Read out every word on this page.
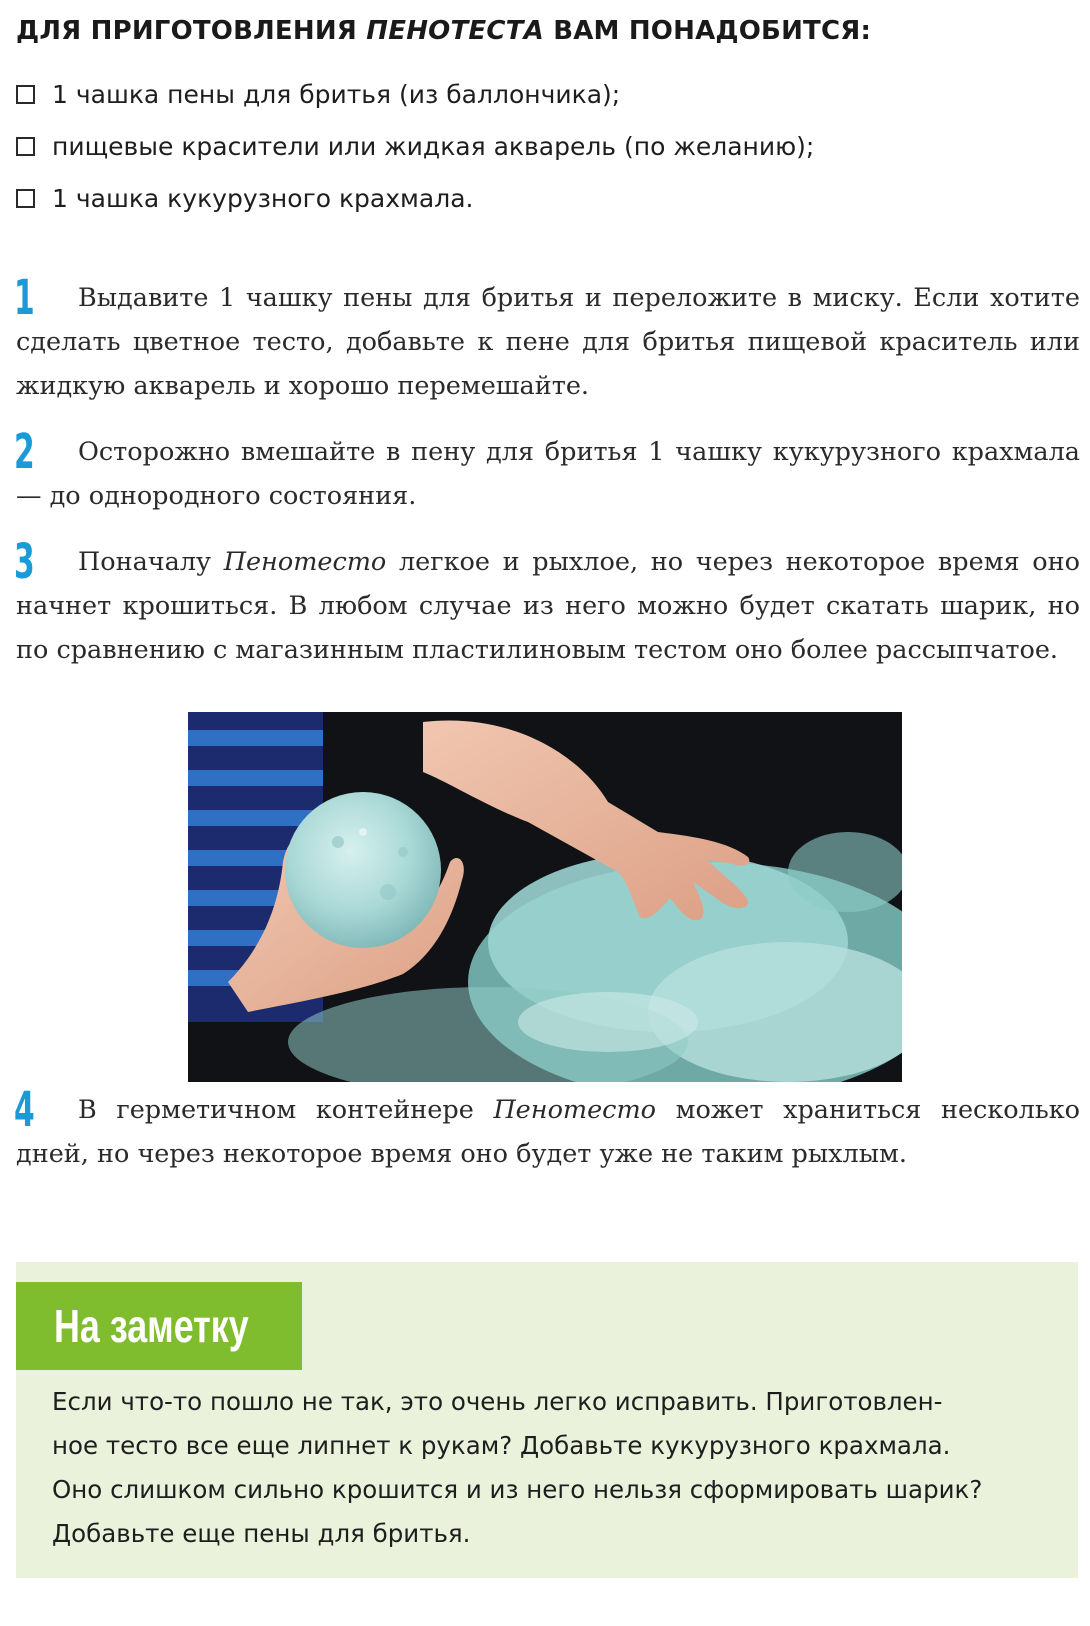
ДЛЯ ПРИГОТОВЛЕНИЯ ПЕНОТЕСТА ВАМ ПОНАДОБИТСЯ:
1 чашка пены для бритья (из баллончика);
пищевые красители или жидкая акварель (по желанию);
1 чашка кукурузного крахмала.
1	Выдавите 1 чашку пены для бритья и переложите в миску. Если хотите сделать цветное тесто, добавьте к пене для бритья пищевой краситель или жидкую акварель и хорошо перемешайте.

2	Осторожно вмешайте в пену для бритья 1 чашку кукурузного крахмала — до однородного состояния.

3	Поначалу Пенотесто легкое и рыхлое, но через некоторое время оно начнет крошиться. В любом случае из него можно будет скатать шарик, но по сравнению с магазинным пластилиновым тестом оно более рассыпчатое.

4	В герметичном контейнере Пенотесто может храниться несколько дней, но через некоторое время оно будет уже не таким рыхлым.

На заметку
Если что-то пошло не так, это очень легко исправить. Приготовлен-
ное тесто все еще липнет к рукам? Добавьте кукурузного крахмала.
Оно слишком сильно крошится и из него нельзя сформировать шарик?
Добавьте еще пены для бритья.
